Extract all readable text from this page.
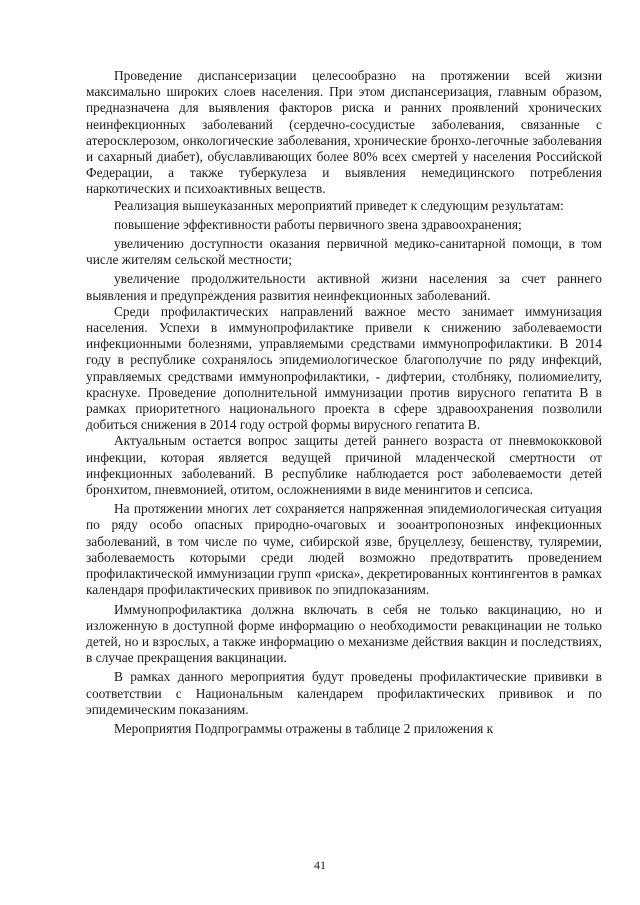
Проведение диспансеризации целесообразно на протяжении всей жизни максимально широких слоев населения. При этом диспансеризация, главным образом, предназначена для выявления факторов риска и ранних проявлений хронических неинфекционных заболеваний (сердечно-сосудистые заболевания, связанные с атеросклерозом, онкологические заболевания, хронические бронхо-легочные заболевания и сахарный диабет), обуславливающих более 80% всех смертей у населения Российской Федерации, а также туберкулеза и выявления немедицинского потребления наркотических и психоактивных веществ.

Реализация вышеуказанных мероприятий приведет к следующим результатам:

повышение эффективности работы первичного звена здравоохранения;

увеличению доступности оказания первичной медико-санитарной помощи, в том числе жителям сельской местности;

увеличение продолжительности активной жизни населения за счет раннего выявления и предупреждения развития неинфекционных заболеваний.

Среди профилактических направлений важное место занимает иммунизация населения. Успехи в иммунопрофилактике привели к снижению заболеваемости инфекционными болезнями, управляемыми средствами иммунопрофилактики. В 2014 году в республике сохранялось эпидемиологическое благополучие по ряду инфекций, управляемых средствами иммунопрофилактики, - дифтерии, столбняку, полиомиелиту, краснухе. Проведение дополнительной иммунизации против вирусного гепатита В в рамках приоритетного национального проекта в сфере здравоохранения позволили добиться снижения в 2014 году острой формы вирусного гепатита В.

Актуальным остается вопрос защиты детей раннего возраста от пневмококковой инфекции, которая является ведущей причиной младенческой смертности от инфекционных заболеваний. В республике наблюдается рост заболеваемости детей бронхитом, пневмонией, отитом, осложнениями в виде менингитов и сепсиса.

На протяжении многих лет сохраняется напряженная эпидемиологическая ситуация по ряду особо опасных природно-очаговых и зооантропонозных инфекционных заболеваний, в том числе по чуме, сибирской язве, бруцеллезу, бешенству, туляремии, заболеваемость которыми среди людей возможно предотвратить проведением профилактической иммунизации групп «риска», декретированных контингентов в рамках календаря профилактических прививок по эпидпоказаниям.

Иммунопрофилактика должна включать в себя не только вакцинацию, но и изложенную в доступной форме информацию о необходимости ревакцинации не только детей, но и взрослых, а также информацию о механизме действия вакцин и последствиях, в случае прекращения вакцинации.

В рамках данного мероприятия будут проведены профилактические прививки в соответствии с Национальным календарем профилактических прививок и по эпидемическим показаниям.

Мероприятия Подпрограммы отражены в таблице 2 приложения к

41
